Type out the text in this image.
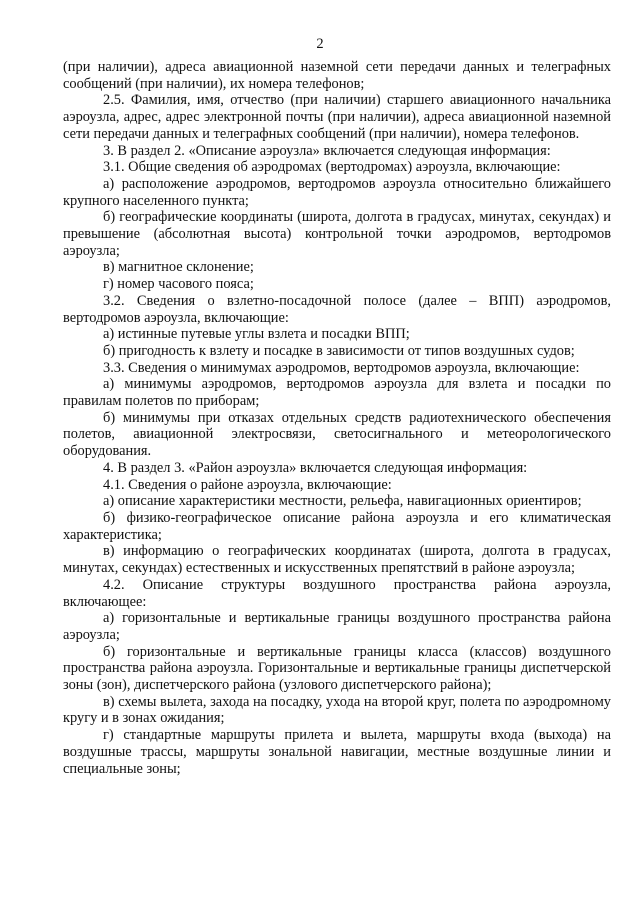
2

(при наличии), адреса авиационной наземной сети передачи данных и телеграфных сообщений (при наличии), их номера телефонов;

2.5. Фамилия, имя, отчество (при наличии) старшего авиационного начальника аэроузла, адрес, адрес электронной почты (при наличии), адреса авиационной наземной сети передачи данных и телеграфных сообщений (при наличии), номера телефонов.

3. В раздел 2. «Описание аэроузла» включается следующая информация:

3.1. Общие сведения об аэродромах (вертодромах) аэроузла, включающие:

а) расположение аэродромов, вертодромов аэроузла относительно ближайшего крупного населенного пункта;

б) географические координаты (широта, долгота в градусах, минутах, секундах) и превышение (абсолютная высота) контрольной точки аэродромов, вертодромов аэроузла;

в) магнитное склонение;

г) номер часового пояса;

3.2. Сведения о взлетно-посадочной полосе (далее – ВПП) аэродромов, вертодромов аэроузла, включающие:

а) истинные путевые углы взлета и посадки ВПП;

б) пригодность к взлету и посадке в зависимости от типов воздушных судов;

3.3. Сведения о минимумах аэродромов, вертодромов аэроузла, включающие:

а) минимумы аэродромов, вертодромов аэроузла для взлета и посадки по правилам полетов по приборам;

б) минимумы при отказах отдельных средств радиотехнического обеспечения полетов, авиационной электросвязи, светосигнального и метеорологического оборудования.

4. В раздел 3. «Район аэроузла» включается следующая информация:

4.1. Сведения о районе аэроузла, включающие:

а) описание характеристики местности, рельефа, навигационных ориентиров;

б) физико-географическое описание района аэроузла и его климатическая характеристика;

в) информацию о географических координатах (широта, долгота в градусах, минутах, секундах) естественных и искусственных препятствий в районе аэроузла;

4.2. Описание структуры воздушного пространства района аэроузла, включающее:

а) горизонтальные и вертикальные границы воздушного пространства района аэроузла;

б) горизонтальные и вертикальные границы класса (классов) воздушного пространства района аэроузла. Горизонтальные и вертикальные границы диспетчерской зоны (зон), диспетчерского района (узлового диспетчерского района);

в) схемы вылета, захода на посадку, ухода на второй круг, полета по аэродромному кругу и в зонах ожидания;

г) стандартные маршруты прилета и вылета, маршруты входа (выхода) на воздушные трассы, маршруты зональной навигации, местные воздушные линии и специальные зоны;
